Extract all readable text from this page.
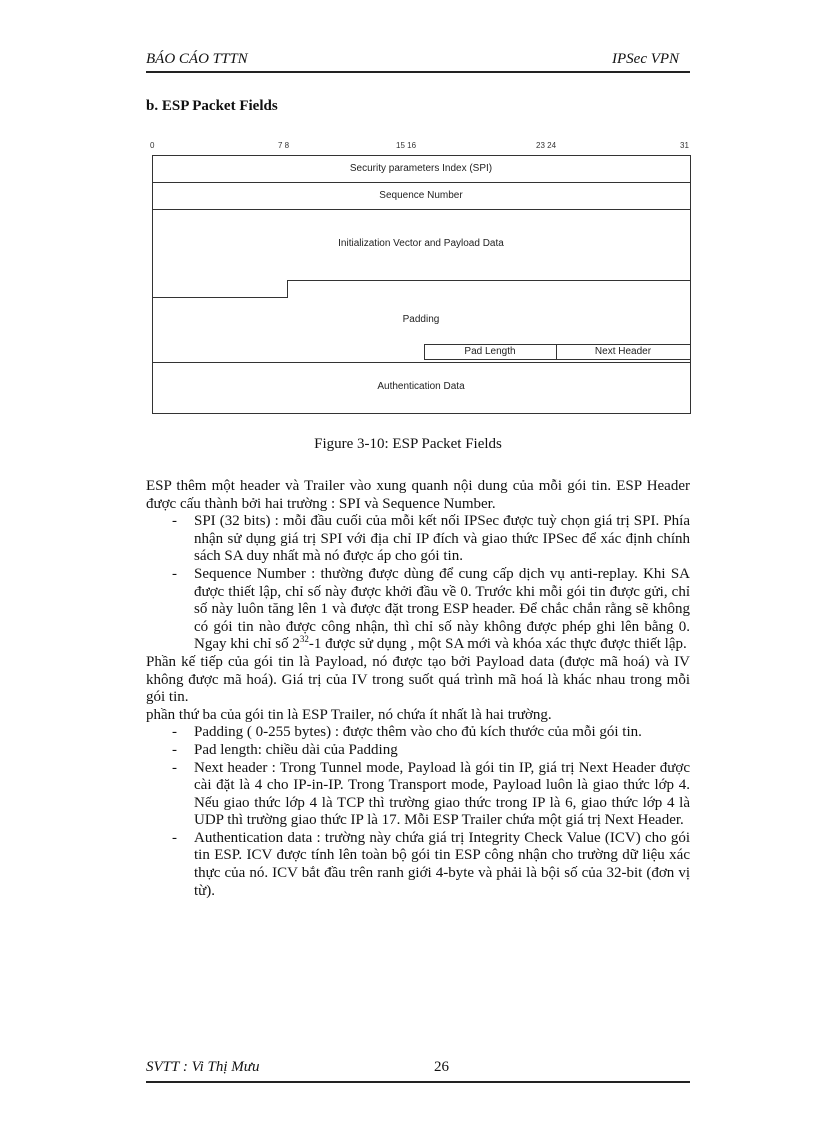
BÁO CÁO TTTN	IPSec VPN
b. ESP Packet Fields
0	7 8	15 16	23 24	31
Security parameters Index (SPI)
Sequence Number
Initialization Vector and Payload Data
Padding
Pad Length	Next Header
Authentication Data
Figure 3-10: ESP Packet Fields

ESP thêm một header và Trailer vào xung quanh nội dung của mỗi gói tin. ESP Header được cấu thành bởi hai trường : SPI và Sequence Number.

- SPI (32 bits) : mỗi đầu cuối của mỗi kết nối IPSec được tuỳ chọn giá trị SPI. Phía nhận sử dụng giá trị SPI với địa chỉ IP đích và giao thức IPSec để xác định chính sách SA duy nhất mà nó được áp cho gói tin.
- Sequence Number : thường được dùng để cung cấp dịch vụ anti-replay. Khi SA được thiết lập, chỉ số này được khởi đầu về 0. Trước khi mỗi gói tin được gửi, chỉ số này luôn tăng lên 1 và được đặt trong ESP header. Để chắc chắn rằng sẽ không có gói tin nào được công nhận, thì chỉ số này không được phép ghi lên bằng 0. Ngay khi chỉ số $2^{32}-1$ được sử dụng , một SA mới và khóa xác thực được thiết lập.

Phần kế tiếp của gói tin là Payload, nó được tạo bởi Payload data (được mã hoá) và IV không được mã hoá). Giá trị của IV trong suốt quá trình mã hoá là khác nhau trong mỗi gói tin.

phần thứ ba của gói tin là ESP Trailer, nó chứa ít nhất là hai trường.

- Padding ( 0-255 bytes) : được thêm vào cho đủ kích thước của mỗi gói tin.
- Pad length: chiều dài của Padding
- Next header : Trong Tunnel mode, Payload là gói tin IP, giá trị Next Header được cài đặt là 4 cho IP-in-IP. Trong Transport mode, Payload luôn là giao thức lớp 4. Nếu giao thức lớp 4 là TCP thì trường giao thức trong IP là 6, giao thức lớp 4 là UDP thì trường giao thức IP là 17. Mỗi ESP Trailer chứa một giá trị Next Header.
- Authentication data : trường này chứa giá trị Integrity Check Value (ICV) cho gói tin ESP. ICV được tính lên toàn bộ gói tin ESP công nhận cho trường dữ liệu xác thực của nó. ICV bắt đầu trên ranh giới 4-byte và phải là bội số của 32-bit (đơn vị từ).
SVTT : Vi Thị Mưu	26
